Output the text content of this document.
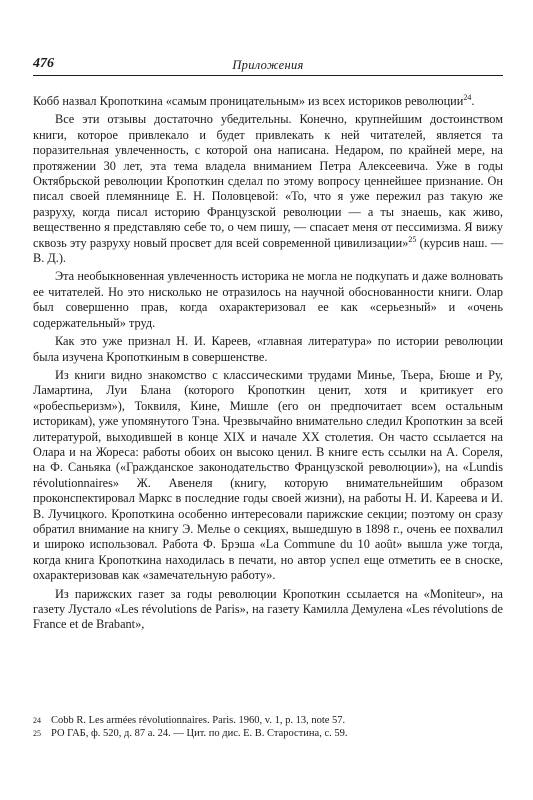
476	Приложения

Кобб назвал Кропоткина «самым проницательным» из всех историков революции$^{24}$.

Все эти отзывы достаточно убедительны. Конечно, крупнейшим достоинством книги, которое привлекало и будет привлекать к ней читателей, является та поразительная увлеченность, с которой она написана. Недаром, по крайней мере, на протяжении 30 лет, эта тема владела вниманием Петра Алексеевича. Уже в годы Октябрьской революции Кропоткин сделал по этому вопросу ценнейшее признание. Он писал своей племяннице Е. Н. Половцевой: «То, что я уже пережил раз такую же разруху, когда писал историю Французской революции — а ты знаешь, как живо, вещественно я представляю себе то, о чем пишу, — спасает меня от пессимизма. Я вижу сквозь эту разруху новый просвет для всей современной цивилизации»$^{25}$ (курсив наш. — В. Д.).

Эта необыкновенная увлеченность историка не могла не подкупать и даже волновать ее читателей. Но это нисколько не отразилось на научной обоснованности книги. Олар был совершенно прав, когда охарактеризовал ее как «серьезный» и «очень содержательный» труд.

Как это уже признал Н. И. Кареев, «главная литература» по истории революции была изучена Кропоткиным в совершенстве.

Из книги видно знакомство с классическими трудами Минье, Тьера, Бюше и Ру, Ламартина, Луи Блана (которого Кропоткин ценит, хотя и критикует его «робеспьеризм»), Токвиля, Кине, Мишле (его он предпочитает всем остальным историкам), уже упомянутого Тэна. Чрезвычайно внимательно следил Кропоткин за всей литературой, выходившей в конце XIX и начале XX столетия. Он часто ссылается на Олара и на Жореса: работы обоих он высоко ценил. В книге есть ссылки на А. Сореля, на Ф. Саньяка («Гражданское законодательство Французской революции»), на «Lundis révolutionnaires» Ж. Авенеля (книгу, которую внимательнейшим образом проконспектировал Маркс в последние годы своей жизни), на работы Н. И. Кареева и И. В. Лучицкого. Кропоткина особенно интересовали парижские секции; поэтому он сразу обратил внимание на книгу Э. Мелье о секциях, вышедшую в 1898 г., очень ее похвалил и широко использовал. Работа Ф. Брэша «La Commune du 10 août» вышла уже тогда, когда книга Кропоткина находилась в печати, но автор успел еще отметить ее в сноске, охарактеризовав как «замечательную работу».

Из парижских газет за годы революции Кропоткин ссылается на «Moniteur», на газету Лустало «Les révolutions de Paris», на газету Камилла Демулена «Les révolutions de France et de Brabant»,

24 Cobb R. Les armées révolutionnaires. Paris. 1960, v. 1, p. 13, note 57.
25 РО ГАБ, ф. 520, д. 87 а. 24. — Цит. по дис. Е. В. Старостина, с. 59.
